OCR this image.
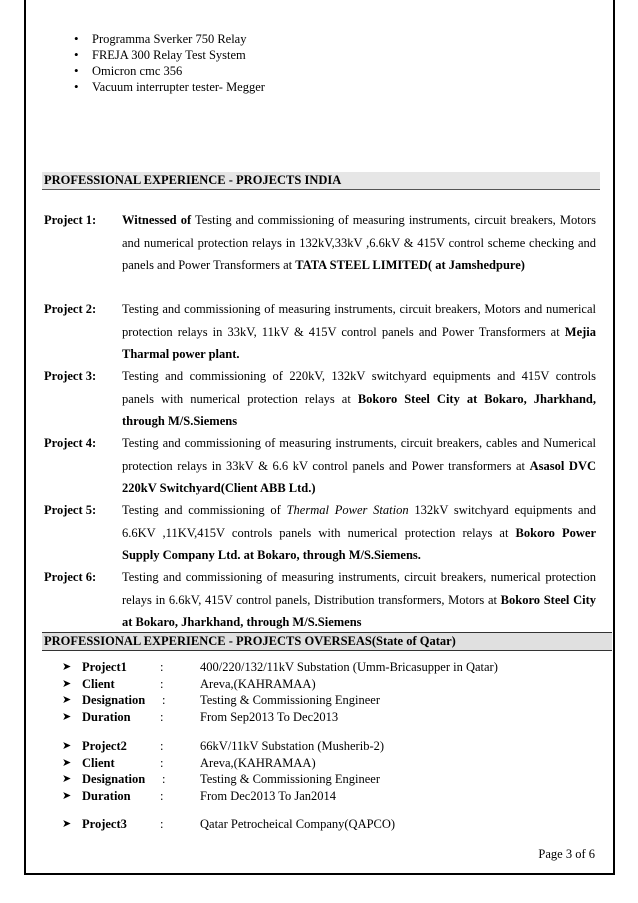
• Programma Sverker 750 Relay
• FREJA 300 Relay Test System
• Omicron cmc 356
• Vacuum interrupter tester- Megger
PROFESSIONAL EXPERIENCE - PROJECTS INDIA
Project 1: Witnessed of Testing and commissioning of measuring instruments, circuit breakers, Motors and numerical protection relays in 132kV,33kV ,6.6kV & 415V control scheme checking and panels and Power Transformers at TATA STEEL LIMITED( at Jamshedpure)
Project 2: Testing and commissioning of measuring instruments, circuit breakers, Motors and numerical protection relays in 33kV, 11kV & 415V control panels and Power Transformers at Mejia Tharmal power plant.
Project 3: Testing and commissioning of 220kV, 132kV switchyard equipments and 415V controls panels with numerical protection relays at Bokoro Steel City at Bokaro, Jharkhand, through M/S.Siemens
Project 4: Testing and commissioning of measuring instruments, circuit breakers, cables and Numerical protection relays in 33kV & 6.6 kV control panels and Power transformers at Asasol DVC 220kV Switchyard(Client ABB Ltd.)
Project 5: Testing and commissioning of Thermal Power Station 132kV switchyard equipments and 6.6KV ,11KV,415V controls panels with numerical protection relays at Bokoro Power Supply Company Ltd. at Bokaro, through M/S.Siemens.
Project 6: Testing and commissioning of measuring instruments, circuit breakers, numerical protection relays in 6.6kV, 415V control panels, Distribution transformers, Motors at Bokoro Steel City at Bokaro, Jharkhand, through M/S.Siemens
PROFESSIONAL EXPERIENCE - PROJECTS OVERSEAS(State of Qatar)
➤ Project1	:	400/220/132/11kV Substation (Umm-Bricasupper in Qatar)
➤ Client	:	Areva,(KAHRAMAA)
➤ Designation :	Testing & Commissioning Engineer
➤ Duration :	From Sep2013 To Dec2013
➤ Project2	:	66kV/11kV Substation (Musherib-2)
➤ Client	:	Areva,(KAHRAMAA)
➤ Designation :	Testing & Commissioning Engineer
➤ Duration :	From Dec2013 To Jan2014
➤ Project3	:	Qatar Petrocheical Company(QAPCO)
Page 3 of 6
